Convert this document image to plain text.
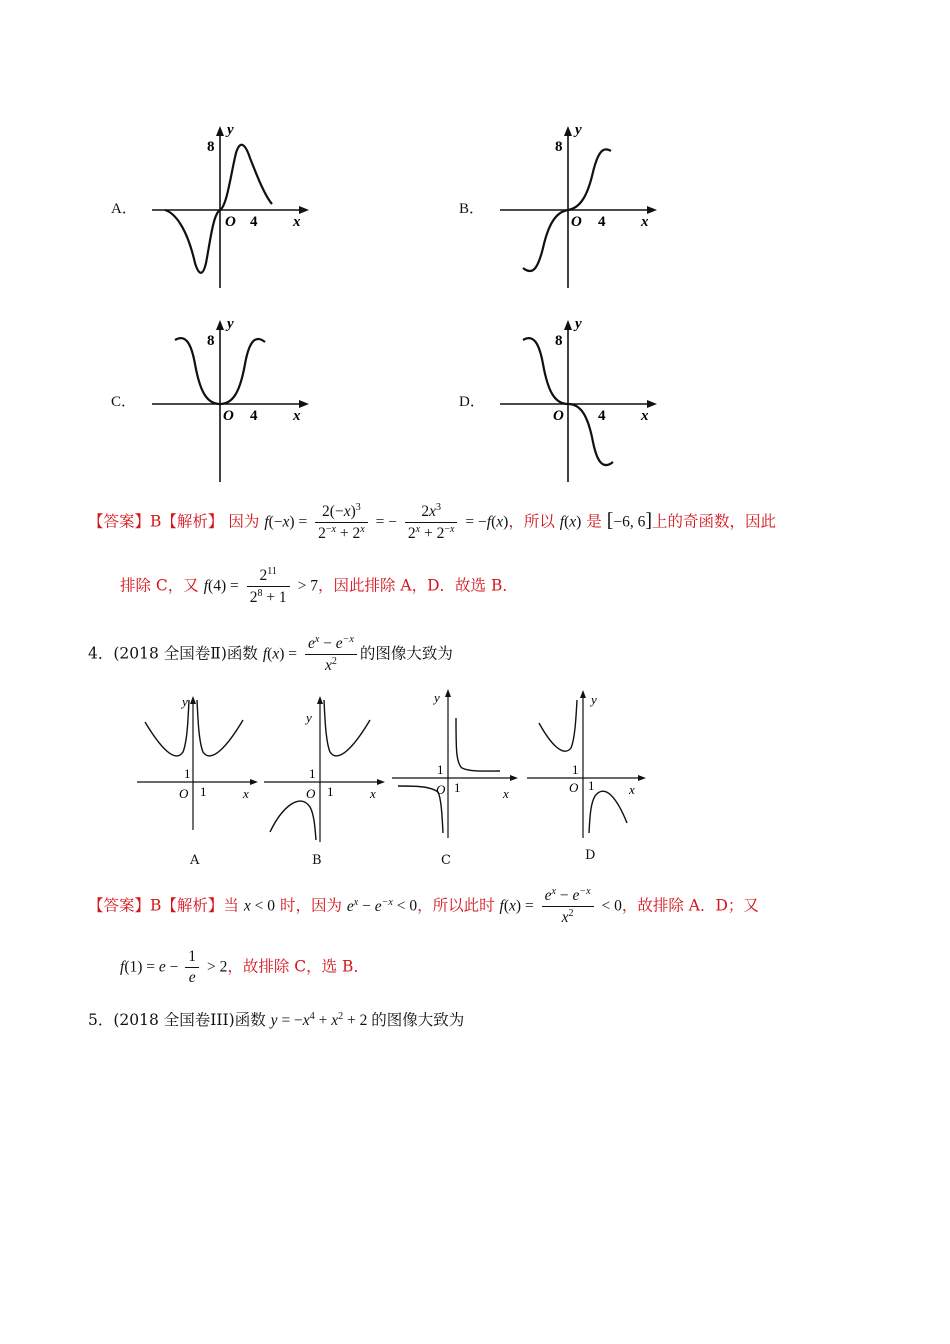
A．
8
y
O 4 x
B．
8
y
O 4 x
C．
8
y
O 4 x
D．
8
y
O 4 x
【答案】B【解析】 因为 $f(-x) = \frac{2(-x)^3}{2^{-x} + 2^x}$ = − $\frac{2x^3}{2^x + 2^{-x}} = -f(x)$，所以 f(x) 是 [−6, 6]上的奇函数，因此
排除 C，又 $f(4) = \frac{2^{11}}{2^8 + 1} > 7$，因此排除 A，D．故选 B．
4．(2018 全国卷Ⅱ)函数 $f(x) = \frac{e^x - e^{-x}}{x^2}$ 的图像大致为
y
1
O 1	x
A
y
1
O 1	x
B
y
1
O 1	x
C
y
1
O 1	x
D
【答案】B【解析】当 x < 0 时，因为 $e^x - e^{-x} < 0$，所以此时 $f(x) = \frac{e^x - e^{-x}}{x^2} < 0$，故排除 A．D；又
$f(1) = e - \frac{1}{e} > 2$，故排除 C，选 B．
5．(2018 全国卷III)函数 $y = -x^4 + x^2 + 2$ 的图像大致为
